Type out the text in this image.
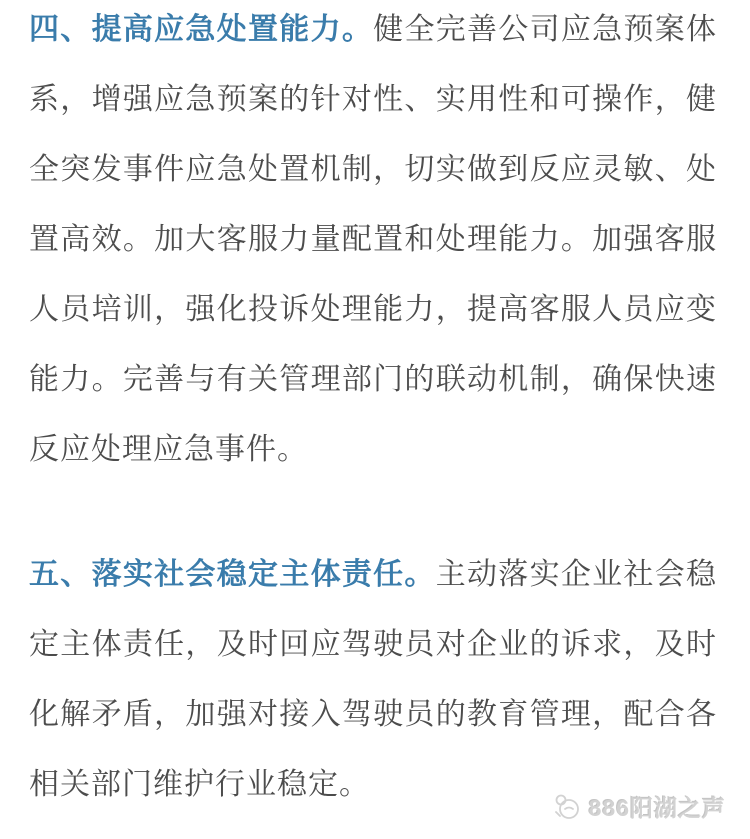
四、提高应急处置能力。健全完善公司应急预案体系，增强应急预案的针对性、实用性和可操作，健全突发事件应急处置机制，切实做到反应灵敏、处置高效。加大客服力量配置和处理能力。加强客服人员培训，强化投诉处理能力，提高客服人员应变能力。完善与有关管理部门的联动机制，确保快速反应处理应急事件。

五、落实社会稳定主体责任。主动落实企业社会稳定主体责任，及时回应驾驶员对企业的诉求，及时化解矛盾，加强对接入驾驶员的教育管理，配合各相关部门维护行业稳定。

886阳湖之声
